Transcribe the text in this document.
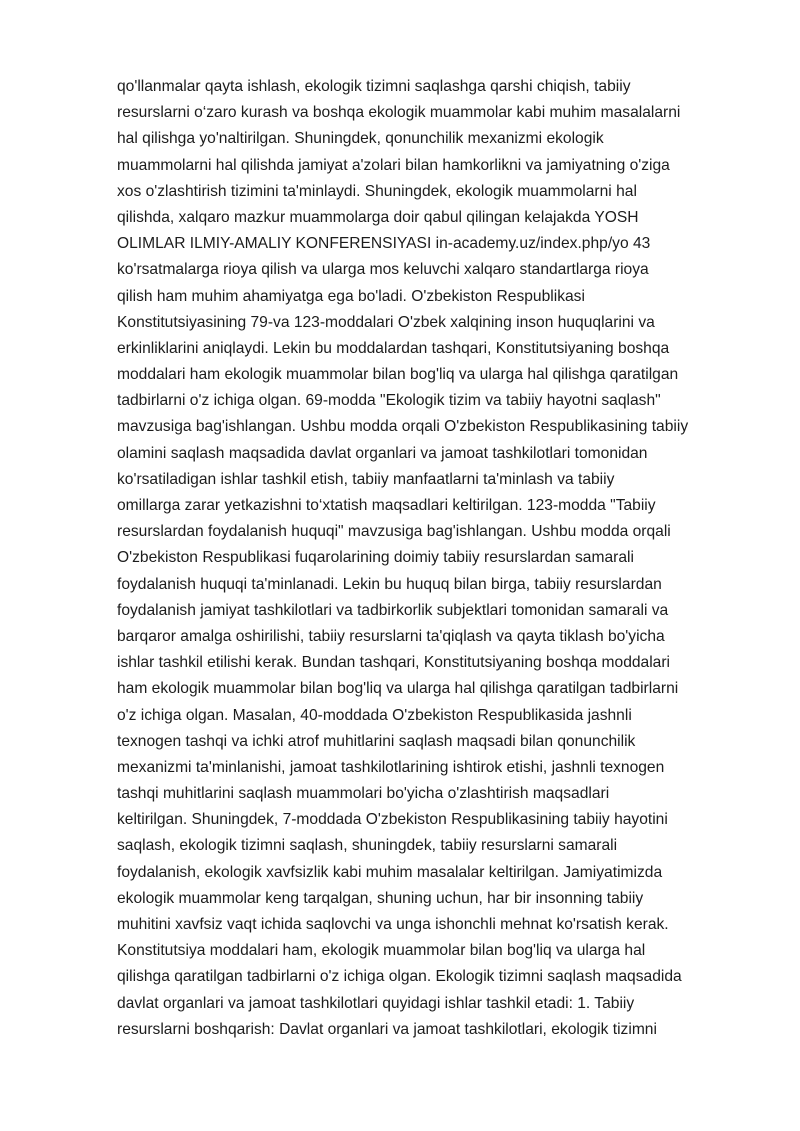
qo'llanmalar qayta ishlash, ekologik tizimni saqlashga qarshi chiqish, tabiiy
resurslarni o‘zaro kurash va boshqa ekologik muammolar kabi muhim masalalarni
hal qilishga yo'naltirilgan. Shuningdek, qonunchilik mexanizmi ekologik
muammolarni hal qilishda jamiyat a'zolari bilan hamkorlikni va jamiyatning o'ziga
xos o'zlashtirish tizimini ta'minlaydi. Shuningdek, ekologik muammolarni hal
qilishda, xalqaro mazkur muammolarga doir qabul qilingan kelajakda YOSH
OLIMLAR ILMIY-AMALIY KONFERENSIYASI in-academy.uz/index.php/yo 43
ko'rsatmalarga rioya qilish va ularga mos keluvchi xalqaro standartlarga rioya
qilish ham muhim ahamiyatga ega bo'ladi. O'zbekiston Respublikasi
Konstitutsiyasining 79-va 123-moddalari O'zbek xalqining inson huquqlarini va
erkinliklarini aniqlaydi. Lekin bu moddalardan tashqari, Konstitutsiyaning boshqa
moddalari ham ekologik muammolar bilan bog'liq va ularga hal qilishga qaratilgan
tadbirlarni o'z ichiga olgan. 69-modda "Ekologik tizim va tabiiy hayotni saqlash"
mavzusiga bag'ishlangan. Ushbu modda orqali O'zbekiston Respublikasining tabiiy
olamini saqlash maqsadida davlat organlari va jamoat tashkilotlari tomonidan
ko'rsatiladigan ishlar tashkil etish, tabiiy manfaatlarni ta'minlash va tabiiy
omillarga zarar yetkazishni to‘xtatish maqsadlari keltirilgan. 123-modda "Tabiiy
resurslardan foydalanish huquqi" mavzusiga bag'ishlangan. Ushbu modda orqali
O'zbekiston Respublikasi fuqarolarining doimiy tabiiy resurslardan samarali
foydalanish huquqi ta'minlanadi. Lekin bu huquq bilan birga, tabiiy resurslardan
foydalanish jamiyat tashkilotlari va tadbirkorlik subjektlari tomonidan samarali va
barqaror amalga oshirilishi, tabiiy resurslarni ta'qiqlash va qayta tiklash bo'yicha
ishlar tashkil etilishi kerak. Bundan tashqari, Konstitutsiyaning boshqa moddalari
ham ekologik muammolar bilan bog'liq va ularga hal qilishga qaratilgan tadbirlarni
o'z ichiga olgan. Masalan, 40-moddada O'zbekiston Respublikasida jashnli
texnogen tashqi va ichki atrof muhitlarini saqlash maqsadi bilan qonunchilik
mexanizmi ta'minlanishi, jamoat tashkilotlarining ishtirok etishi, jashnli texnogen
tashqi muhitlarini saqlash muammolari bo'yicha o'zlashtirish maqsadlari
keltirilgan. Shuningdek, 7-moddada O'zbekiston Respublikasining tabiiy hayotini
saqlash, ekologik tizimni saqlash, shuningdek, tabiiy resurslarni samarali
foydalanish, ekologik xavfsizlik kabi muhim masalalar keltirilgan. Jamiyatimizda
ekologik muammolar keng tarqalgan, shuning uchun, har bir insonning tabiiy
muhitini xavfsiz vaqt ichida saqlovchi va unga ishonchli mehnat ko'rsatish kerak.
Konstitutsiya moddalari ham, ekologik muammolar bilan bog'liq va ularga hal
qilishga qaratilgan tadbirlarni o'z ichiga olgan. Ekologik tizimni saqlash maqsadida
davlat organlari va jamoat tashkilotlari quyidagi ishlar tashkil etadi: 1. Tabiiy
resurslarni boshqarish: Davlat organlari va jamoat tashkilotlari, ekologik tizimni
